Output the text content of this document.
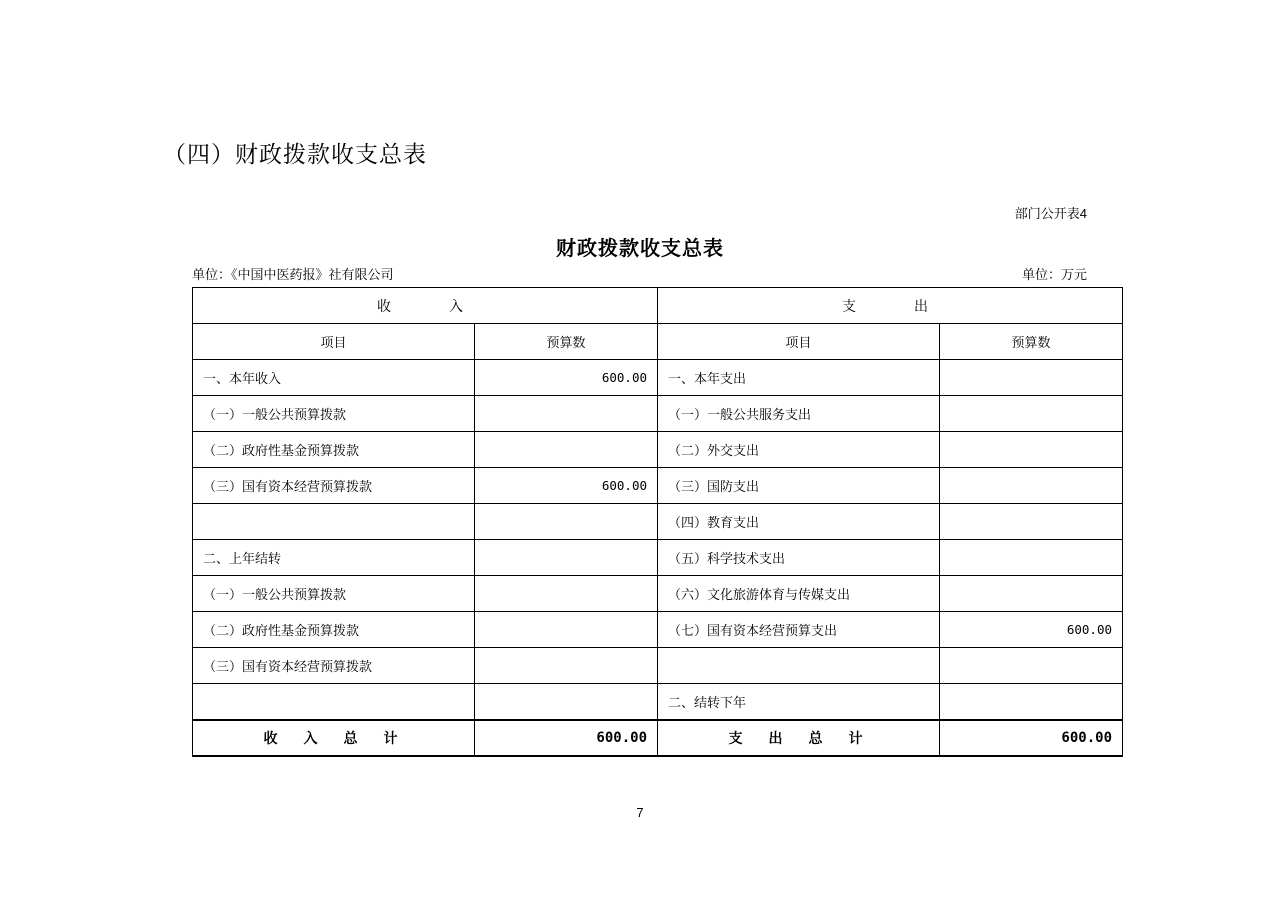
（四）财政拨款收支总表
部门公开表4
财政拨款收支总表
单位：《中国中医药报》社有限公司	单位：万元
收　　入		支　　出	
项目	预算数	项目	预算数
一、本年收入	600.00	一、本年支出	
（一）一般公共预算拨款		（一）一般公共服务支出	
（二）政府性基金预算拨款		（二）外交支出	
（三）国有资本经营预算拨款	600.00	（三）国防支出	
		（四）教育支出	
二、上年结转		（五）科学技术支出	
（一）一般公共预算拨款		（六）文化旅游体育与传媒支出	
（二）政府性基金预算拨款		（七）国有资本经营预算支出	600.00
（三）国有资本经营预算拨款			
		二、结转下年	
收　入　总　计	600.00	支　出　总　计	600.00
7
